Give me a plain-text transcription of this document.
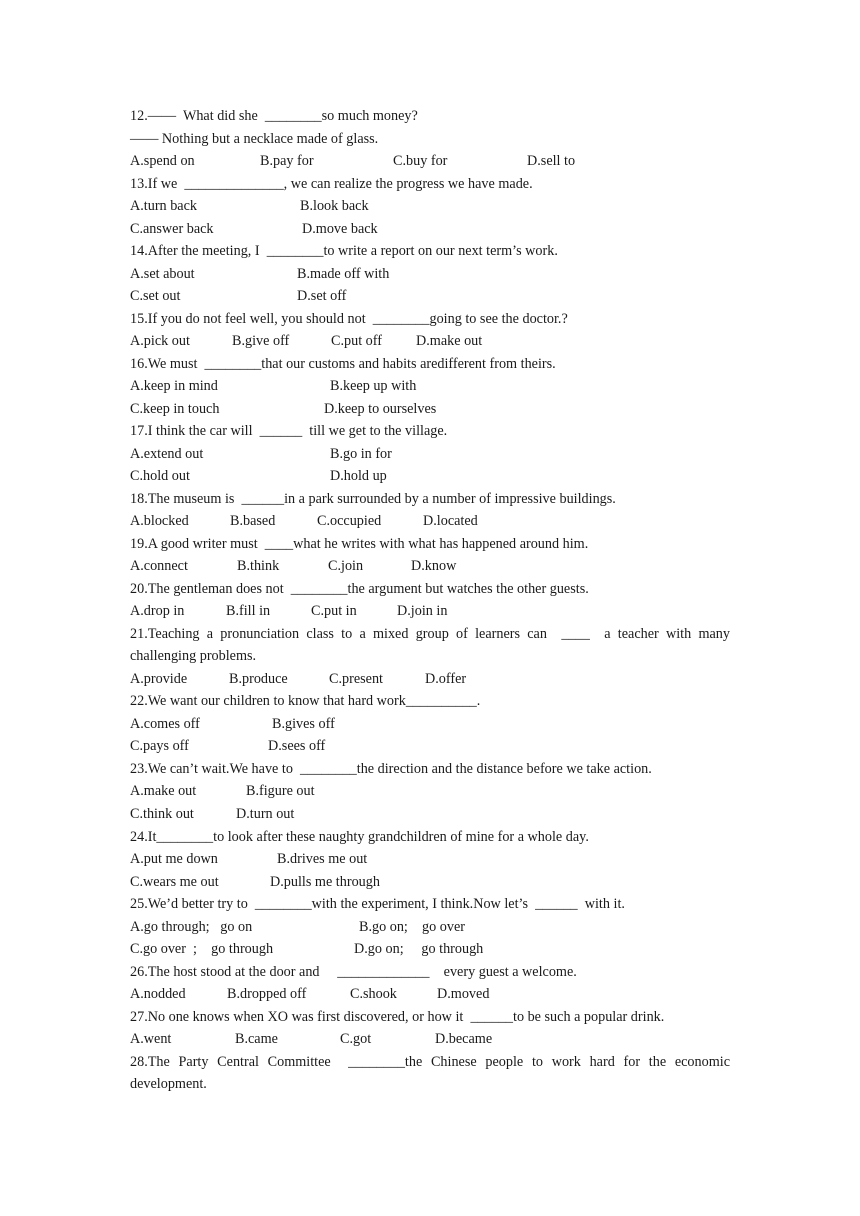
12.——  What did she  ________so much money?
—— Nothing but a necklace made of glass.

A.spend on

	B.pay for

	C.buy for

	D.sell to

13.If we  ______________, we can realize the progress we have made.

A.turn back

	B.look back

C.answer back

	D.move back

14.After the meeting, I  ________to write a report on our next term’s work.

A.set about

	B.made off with

C.set out

	D.set off

15.If you do not feel well, you should not  ________going to see the doctor.?

A.pick out

	B.give off

	C.put off

D.make out

16.We must  ________that our customs and habits aredifferent from theirs.

A.keep in mind

	B.keep up with

C.keep in touch

	D.keep to ourselves

17.I think the car will  ______  till we get to the village.

A.extend out

	B.go in for

C.hold out

	D.hold up

18.The museum is  ______in a park surrounded by a number of impressive buildings.

A.blocked

	B.based

	C.occupied

	D.located

19.A good writer must  ____what he writes with what has happened around him.

A.connect

	B.think

	C.join

	D.know

20.The gentleman does not  ________the argument but watches the other guests.

A.drop in

	B.fill in

	C.put in

	D.join in

21.Teaching a pronunciation class to a mixed group of learners can  ____  a teacher with many
challenging problems.

A.provide

	B.produce

	C.present

	D.offer

22.We want our children to know that hard work__________.

A.comes off

	B.gives off

C.pays off

	D.sees off

23.We can’t wait.We have to  ________the direction and the distance before we take action.

A.make out

	B.figure out

C.think out

	D.turn out

24.It________to look after these naughty grandchildren of mine for a whole day.

A.put me down

	B.drives me out

C.wears me out

	D.pulls me through

25.We’d better try to  ________with the experiment, I think.Now let’s  ______  with it.

A.go through;   go on

	B.go on;    go over

C.go over  ;    go through

	D.go on;     go through

26.The host stood at the door and     _____________    every guest a welcome.

A.nodded

	B.dropped off

	C.shook

	D.moved

27.No one knows when XO was first discovered, or how it  ______to be such a popular drink.

A.went

	B.came

	C.got

	D.became

28.The Party Central Committee  ________the Chinese people to work hard for the economic
development.
